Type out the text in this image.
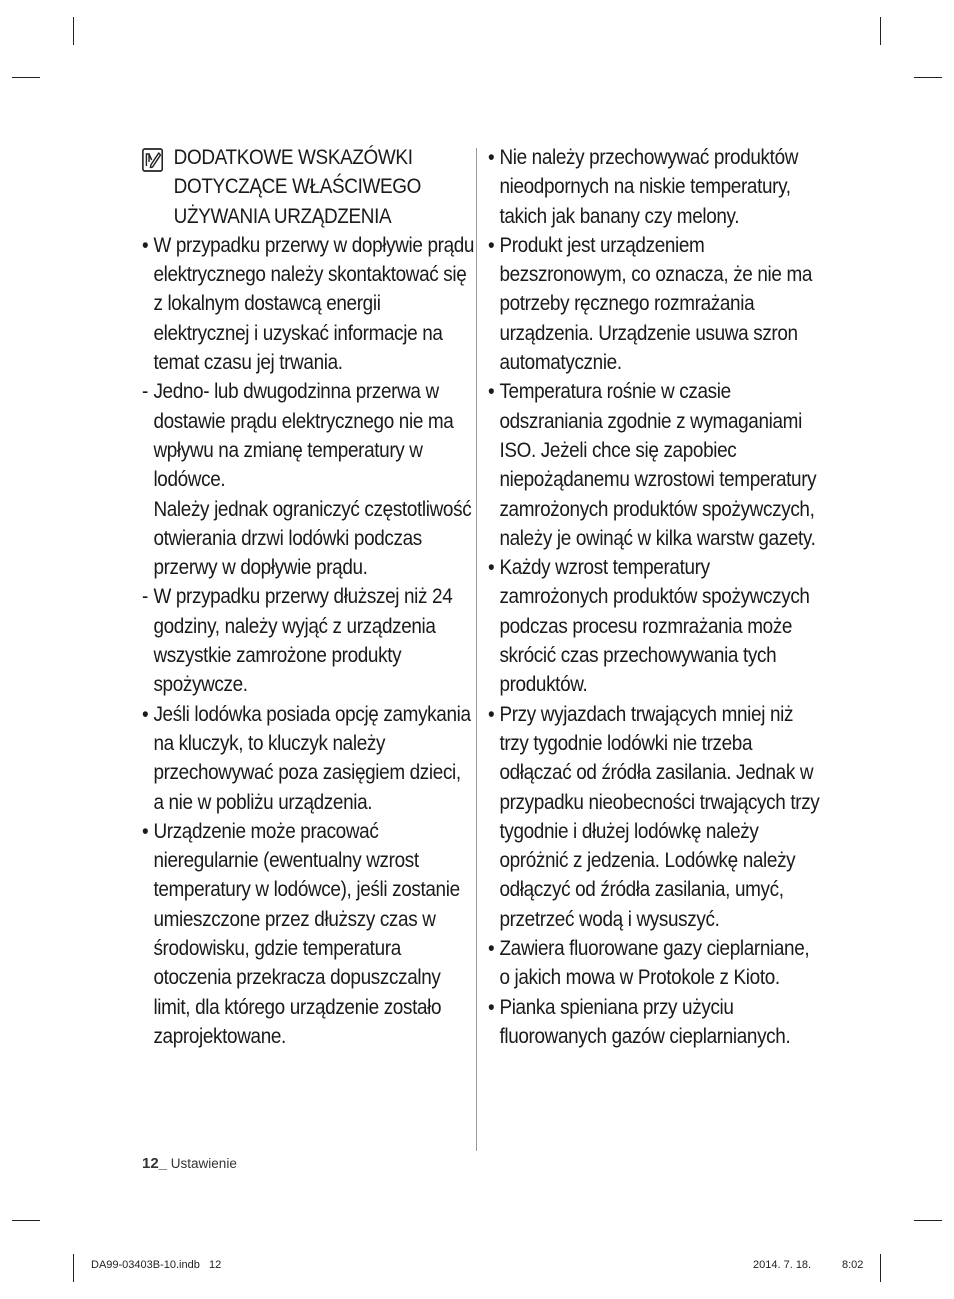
DODATKOWE WSKAZÓWKI DOTYCZĄCE WŁAŚCIWEGO UŻYWANIA URZĄDZENIA
• W przypadku przerwy w dopływie prądu elektrycznego należy skontaktować się z lokalnym dostawcą energii elektrycznej i uzyskać informacje na temat czasu jej trwania.
- Jedno- lub dwugodzinna przerwa w dostawie prądu elektrycznego nie ma wpływu na zmianę temperatury w lodówce.
Należy jednak ograniczyć częstotliwość otwierania drzwi lodówki podczas przerwy w dopływie prądu.
- W przypadku przerwy dłuższej niż 24 godziny, należy wyjąć z urządzenia wszystkie zamrożone produkty spożywcze.
• Jeśli lodówka posiada opcję zamykania na kluczyk, to kluczyk należy przechowywać poza zasięgiem dzieci, a nie w pobliżu urządzenia.
• Urządzenie może pracować nieregularnie (ewentualny wzrost temperatury w lodówce), jeśli zostanie umieszczone przez dłuższy czas w środowisku, gdzie temperatura otoczenia przekracza dopuszczalny limit, dla którego urządzenie zostało zaprojektowane.
• Nie należy przechowywać produktów nieodpornych na niskie temperatury, takich jak banany czy melony.
• Produkt jest urządzeniem bezszronowym, co oznacza, że nie ma potrzeby ręcznego rozmrażania urządzenia. Urządzenie usuwa szron automatycznie.
• Temperatura rośnie w czasie odszraniania zgodnie z wymaganiami ISO. Jeżeli chce się zapobiec niepożądanemu wzrostowi temperatury zamrożonych produktów spożywczych, należy je owinąć w kilka warstw gazety.
• Każdy wzrost temperatury zamrożonych produktów spożywczych podczas procesu rozmrażania może skrócić czas przechowywania tych produktów.
• Przy wyjazdach trwających mniej niż trzy tygodnie lodówki nie trzeba odłączać od źródła zasilania. Jednak w przypadku nieobecności trwających trzy tygodnie i dłużej lodówkę należy opróżnić z jedzenia. Lodówkę należy odłączyć od źródła zasilania, umyć, przetrzeć wodą i wysuszyć.
• Zawiera fluorowane gazy cieplarniane, o jakich mowa w Protokole z Kioto.
• Pianka spieniana przy użyciu fluorowanych gazów cieplarnianych.
12_ Ustawienie
DA99-03403B-10.indb   12	2014. 7. 18.	8:02
